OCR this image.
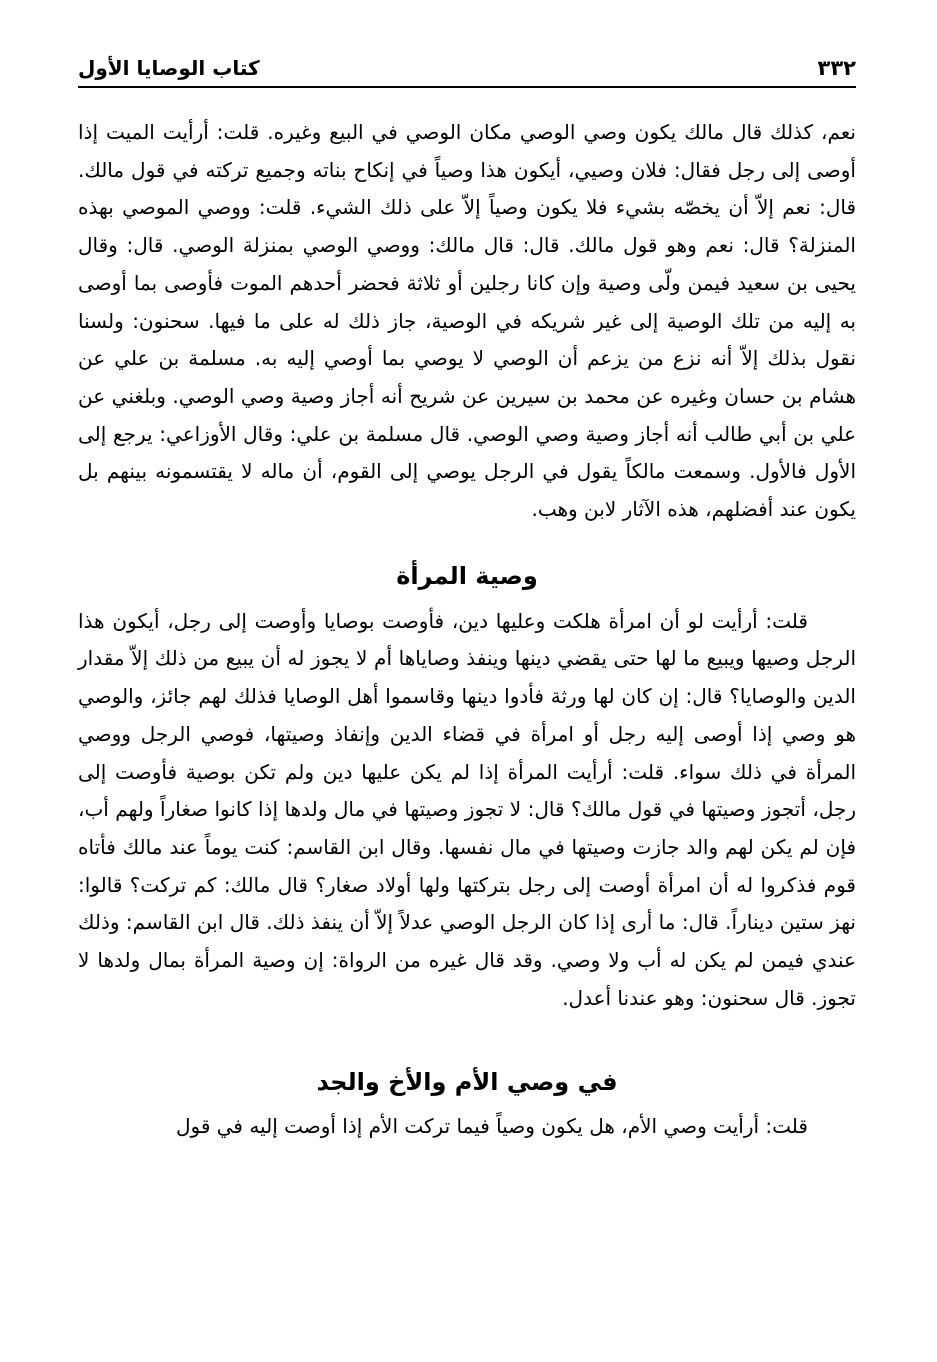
٣٣٢
كتاب الوصايا الأول

نعم، كذلك قال مالك يكون وصي الوصي مكان الوصي في البيع وغيره. قلت: أرأيت الميت إذا أوصى إلى رجل فقال: فلان وصيي، أيكون هذا وصياً في إنكاح بناته وجميع تركته في قول مالك. قال: نعم إلاّ أن يخصّه بشيء فلا يكون وصياً إلاّ على ذلك الشيء. قلت: ووصي الموصي بهذه المنزلة؟ قال: نعم وهو قول مالك. قال: قال مالك: ووصي الوصي بمنزلة الوصي. قال: وقال يحيى بن سعيد فيمن ولّى وصية وإن كانا رجلين أو ثلاثة فحضر أحدهم الموت فأوصى بما أوصى به إليه من تلك الوصية إلى غير شريكه في الوصية، جاز ذلك له على ما فيها. سحنون: ولسنا نقول بذلك إلاّ أنه نزع من يزعم أن الوصي لا يوصي بما أوصي إليه به. مسلمة بن علي عن هشام بن حسان وغيره عن محمد بن سيرين عن شريح أنه أجاز وصية وصي الوصي. وبلغني عن علي بن أبي طالب أنه أجاز وصية وصي الوصي. قال مسلمة بن علي: وقال الأوزاعي: يرجع إلى الأول فالأول. وسمعت مالكاً يقول في الرجل يوصي إلى القوم، أن ماله لا يقتسمونه بينهم بل يكون عند أفضلهم، هذه الآثار لابن وهب.

وصية المرأة

قلت: أرأيت لو أن امرأة هلكت وعليها دين، فأوصت بوصايا وأوصت إلى رجل، أيكون هذا الرجل وصيها ويبيع ما لها حتى يقضي دينها وينفذ وصاياها أم لا يجوز له أن يبيع من ذلك إلاّ مقدار الدين والوصايا؟ قال: إن كان لها ورثة فأدوا دينها وقاسموا أهل الوصايا فذلك لهم جائز، والوصي هو وصي إذا أوصى إليه رجل أو امرأة في قضاء الدين وإنفاذ وصيتها، فوصي الرجل ووصي المرأة في ذلك سواء. قلت: أرأيت المرأة إذا لم يكن عليها دين ولم تكن بوصية فأوصت إلى رجل، أتجوز وصيتها في قول مالك؟ قال: لا تجوز وصيتها في مال ولدها إذا كانوا صغاراً ولهم أب، فإن لم يكن لهم والد جازت وصيتها في مال نفسها. وقال ابن القاسم: كنت يوماً عند مالك فأتاه قوم فذكروا له أن امرأة أوصت إلى رجل بتركتها ولها أولاد صغار؟ قال مالك: كم تركت؟ قالوا: نهز ستين ديناراً. قال: ما أرى إذا كان الرجل الوصي عدلاً إلاّ أن ينفذ ذلك. قال ابن القاسم: وذلك عندي فيمن لم يكن له أب ولا وصي. وقد قال غيره من الرواة: إن وصية المرأة بمال ولدها لا تجوز. قال سحنون: وهو عندنا أعدل.

في وصي الأم والأخ والجد

قلت: أرأيت وصي الأم، هل يكون وصياً فيما تركت الأم إذا أوصت إليه في قول
